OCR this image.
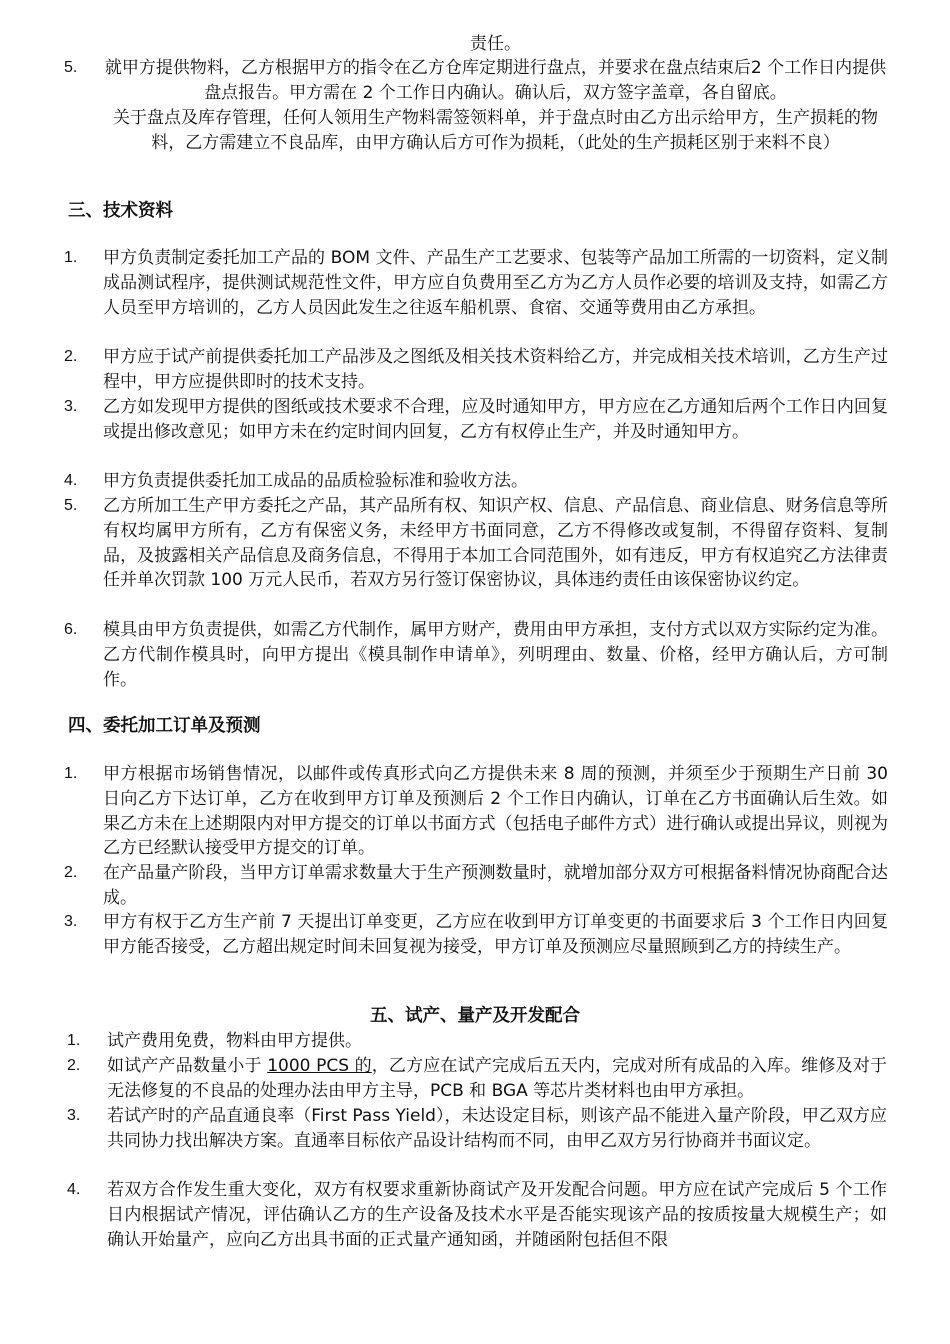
责任。
5. 就甲方提供物料，乙方根据甲方的指令在乙方仓库定期进行盘点，并要求在盘点结束后2 个工作日内提供盘点报告。甲方需在 2 个工作日内确认。确认后，双方签字盖章，各自留底。
关于盘点及库存管理，任何人领用生产物料需签领料单，并于盘点时由乙方出示给甲方，生产损耗的物料，乙方需建立不良品库，由甲方确认后方可作为损耗，（此处的生产损耗区别于来料不良）
三、技术资料
1. 甲方负责制定委托加工产品的 BOM 文件、产品生产工艺要求、包装等产品加工所需的一切资料，定义制成品测试程序，提供测试规范性文件，甲方应自负费用至乙方为乙方人员作必要的培训及支持，如需乙方人员至甲方培训的，乙方人员因此发生之往返车船机票、食宿、交通等费用由乙方承担。
2. 甲方应于试产前提供委托加工产品涉及之图纸及相关技术资料给乙方，并完成相关技术培训，乙方生产过程中，甲方应提供即时的技术支持。
3. 乙方如发现甲方提供的图纸或技术要求不合理，应及时通知甲方，甲方应在乙方通知后两个工作日内回复或提出修改意见；如甲方未在约定时间内回复，乙方有权停止生产，并及时通知甲方。
4. 甲方负责提供委托加工成品的品质检验标准和验收方法。
5. 乙方所加工生产甲方委托之产品，其产品所有权、知识产权、信息、产品信息、商业信息、财务信息等所有权均属甲方所有，乙方有保密义务，未经甲方书面同意，乙方不得修改或复制，不得留存资料、复制品，及披露相关产品信息及商务信息，不得用于本加工合同范围外，如有违反，甲方有权追究乙方法律责任并单次罚款 100 万元人民币，若双方另行签订保密协议，具体违约责任由该保密协议约定。
6. 模具由甲方负责提供，如需乙方代制作，属甲方财产，费用由甲方承担，支付方式以双方实际约定为准。乙方代制作模具时，向甲方提出《模具制作申请单》，列明理由、数量、价格，经甲方确认后，方可制作。
四、委托加工订单及预测
1. 甲方根据市场销售情况，以邮件或传真形式向乙方提供未来 8 周的预测，并须至少于预期生产日前 30 日向乙方下达订单，乙方在收到甲方订单及预测后 2 个工作日内确认，订单在乙方书面确认后生效。如果乙方未在上述期限内对甲方提交的订单以书面方式（包括电子邮件方式）进行确认或提出异议，则视为乙方已经默认接受甲方提交的订单。
2. 在产品量产阶段，当甲方订单需求数量大于生产预测数量时，就增加部分双方可根据备料情况协商配合达成。
3. 甲方有权于乙方生产前 7 天提出订单变更，乙方应在收到甲方订单变更的书面要求后 3 个工作日内回复甲方能否接受，乙方超出规定时间未回复视为接受，甲方订单及预测应尽量照顾到乙方的持续生产。
五、试产、量产及开发配合
1. 试产费用免费，物料由甲方提供。
2. 如试产产品数量小于 1000 PCS 的，乙方应在试产完成后五天内，完成对所有成品的入库。维修及对于无法修复的不良品的处理办法由甲方主导，PCB 和 BGA 等芯片类材料也由甲方承担。
3. 若试产时的产品直通良率（First Pass Yield），未达设定目标，则该产品不能进入量产阶段，甲乙双方应共同协力找出解决方案。直通率目标依产品设计结构而不同，由甲乙双方另行协商并书面议定。
4. 若双方合作发生重大变化，双方有权要求重新协商试产及开发配合问题。甲方应在试产完成后 5 个工作日内根据试产情况，评估确认乙方的生产设备及技术水平是否能实现该产品的按质按量大规模生产；如确认开始量产，应向乙方出具书面的正式量产通知函，并随函附包括但不限
